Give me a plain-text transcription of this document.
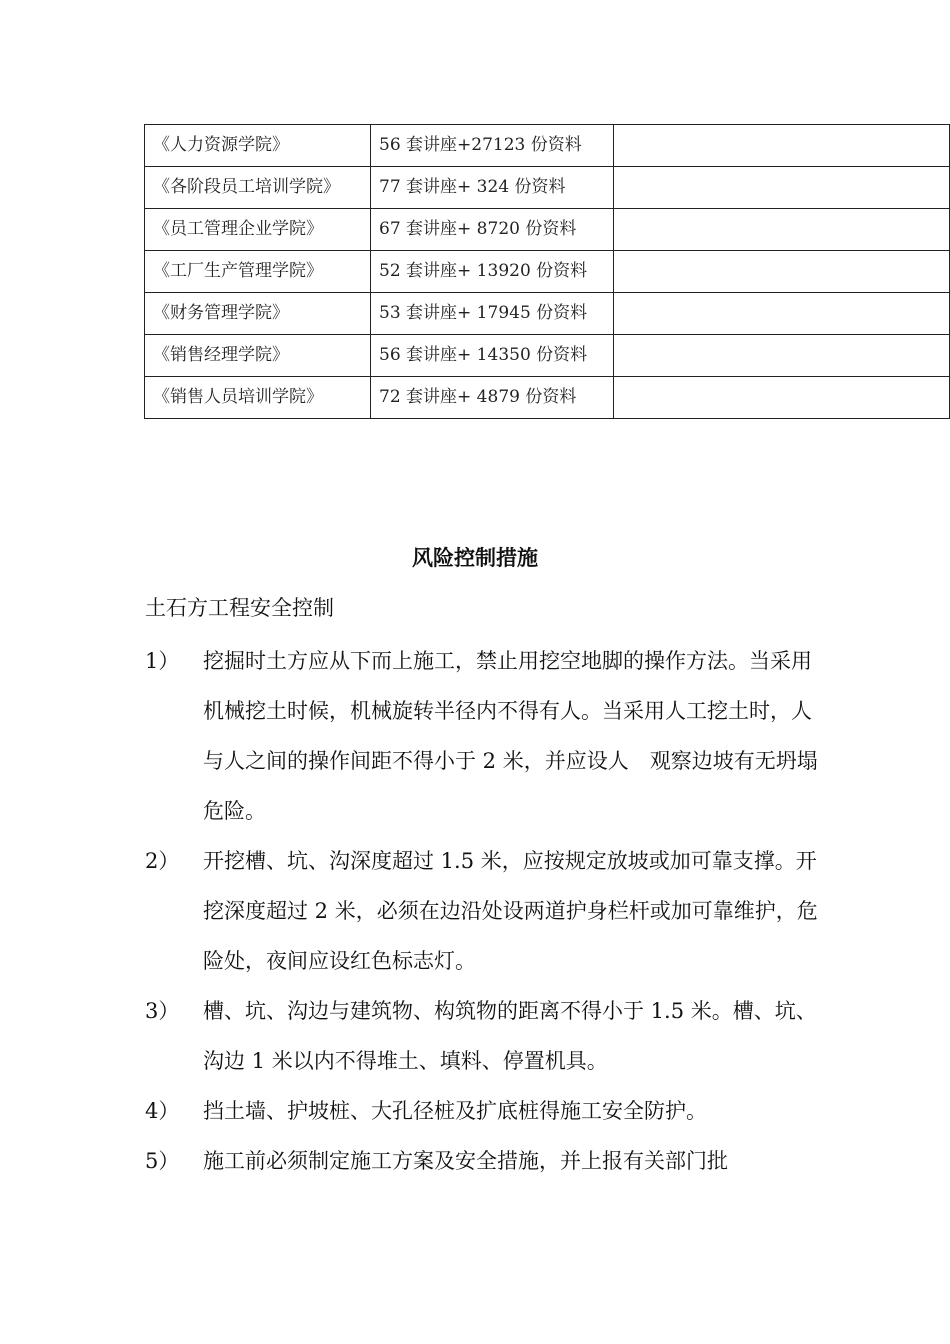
《人力资源学院》	56 套讲座+27123 份资料	
《各阶段员工培训学院》	77 套讲座+ 324 份资料	
《员工管理企业学院》	67 套讲座+ 8720 份资料	
《工厂生产管理学院》	52 套讲座+ 13920 份资料	
《财务管理学院》	53 套讲座+ 17945 份资料	
《销售经理学院》	56 套讲座+ 14350 份资料	
《销售人员培训学院》	72 套讲座+ 4879 份资料	
风险控制措施
土石方工程安全控制
1）	挖掘时土方应从下而上施工，禁止用挖空地脚的操作方法。当采用机械挖土时候，机械旋转半径内不得有人。当采用人工挖土时，人与人之间的操作间距不得小于 2 米，并应设人　观察边坡有无坍塌危险。
2）	开挖槽、坑、沟深度超过 1.5 米，应按规定放坡或加可靠支撑。开挖深度超过 2 米，必须在边沿处设两道护身栏杆或加可靠维护，危险处，夜间应设红色标志灯。
3）	槽、坑、沟边与建筑物、构筑物的距离不得小于 1.5 米。槽、坑、沟边 1 米以内不得堆土、填料、停置机具。
4）	挡土墙、护坡桩、大孔径桩及扩底桩得施工安全防护。
5）	施工前必须制定施工方案及安全措施，并上报有关部门批
